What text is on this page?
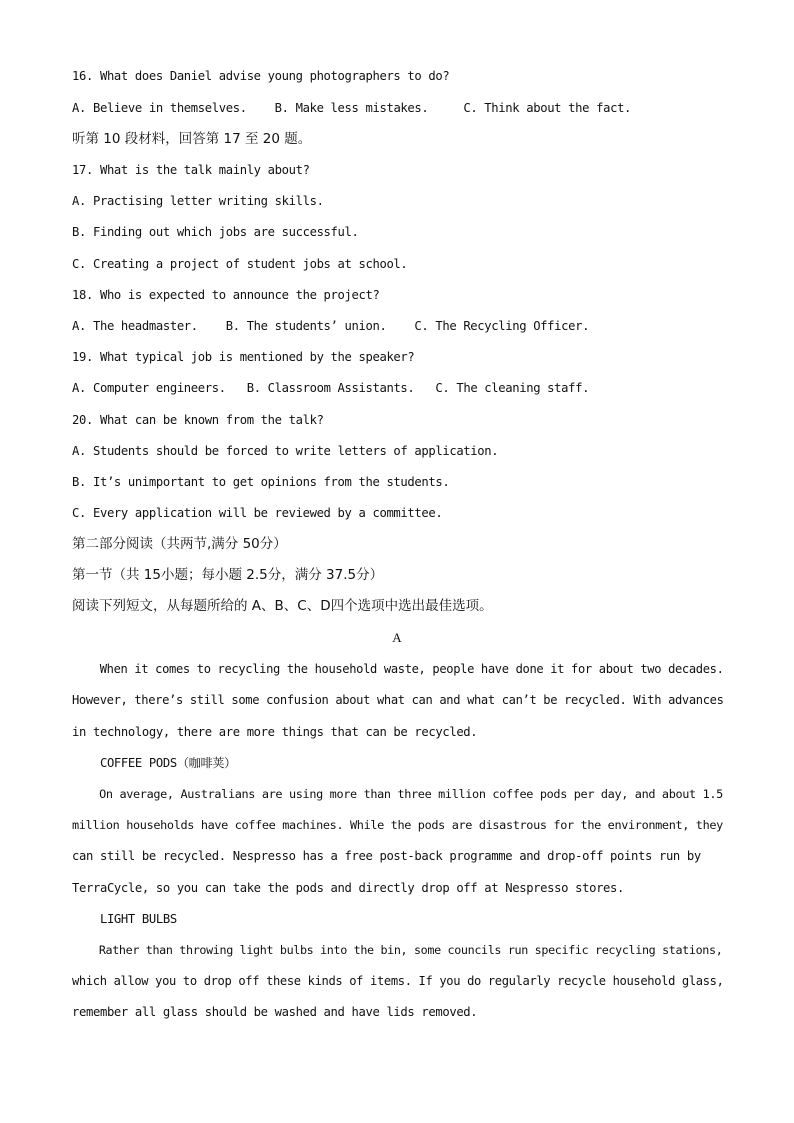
16. What does Daniel advise young photographers to do?
A. Believe in themselves. B. Make less mistakes.	C. Think about the fact.
听第 10 段材料，回答第 17 至 20 题。
17. What is the talk mainly about?
A. Practising letter writing skills.
B. Finding out which jobs are successful.
C. Creating a project of student jobs at school.
18. Who is expected to announce the project?
A. The headmaster. B. The students’ union. C. The Recycling Officer.
19. What typical job is mentioned by the speaker?
A. Computer engineers. B. Classroom Assistants. C. The cleaning staff.
20. What can be known from the talk?
A. Students should be forced to write letters of application.
B. It’s unimportant to get opinions from the students.
C. Every application will be reviewed by a committee.
第二部分阅读（共两节,满分 50分）
第一节（共 15小题；每小题 2.5分，满分 37.5分）
阅读下列短文，从每题所给的 A、B、C、D四个选项中选出最佳选项。
A
When it comes to recycling the household waste, people have done it for about two decades.
However, there’s still some confusion about what can and what can’t be recycled. With advances
in technology, there are more things that can be recycled.
COFFEE PODS（咖啡荚）
On average, Australians are using more than three million coffee pods per day, and about 1.5
million households have coffee machines. While the pods are disastrous for the environment, they
can still be recycled. Nespresso has a free post-back programme and drop-off points run by
TerraCycle, so you can take the pods and directly drop off at Nespresso stores.
LIGHT BULBS
Rather than throwing light bulbs into the bin, some councils run specific recycling stations,
which allow you to drop off these kinds of items. If you do regularly recycle household glass,
remember all glass should be washed and have lids removed.
